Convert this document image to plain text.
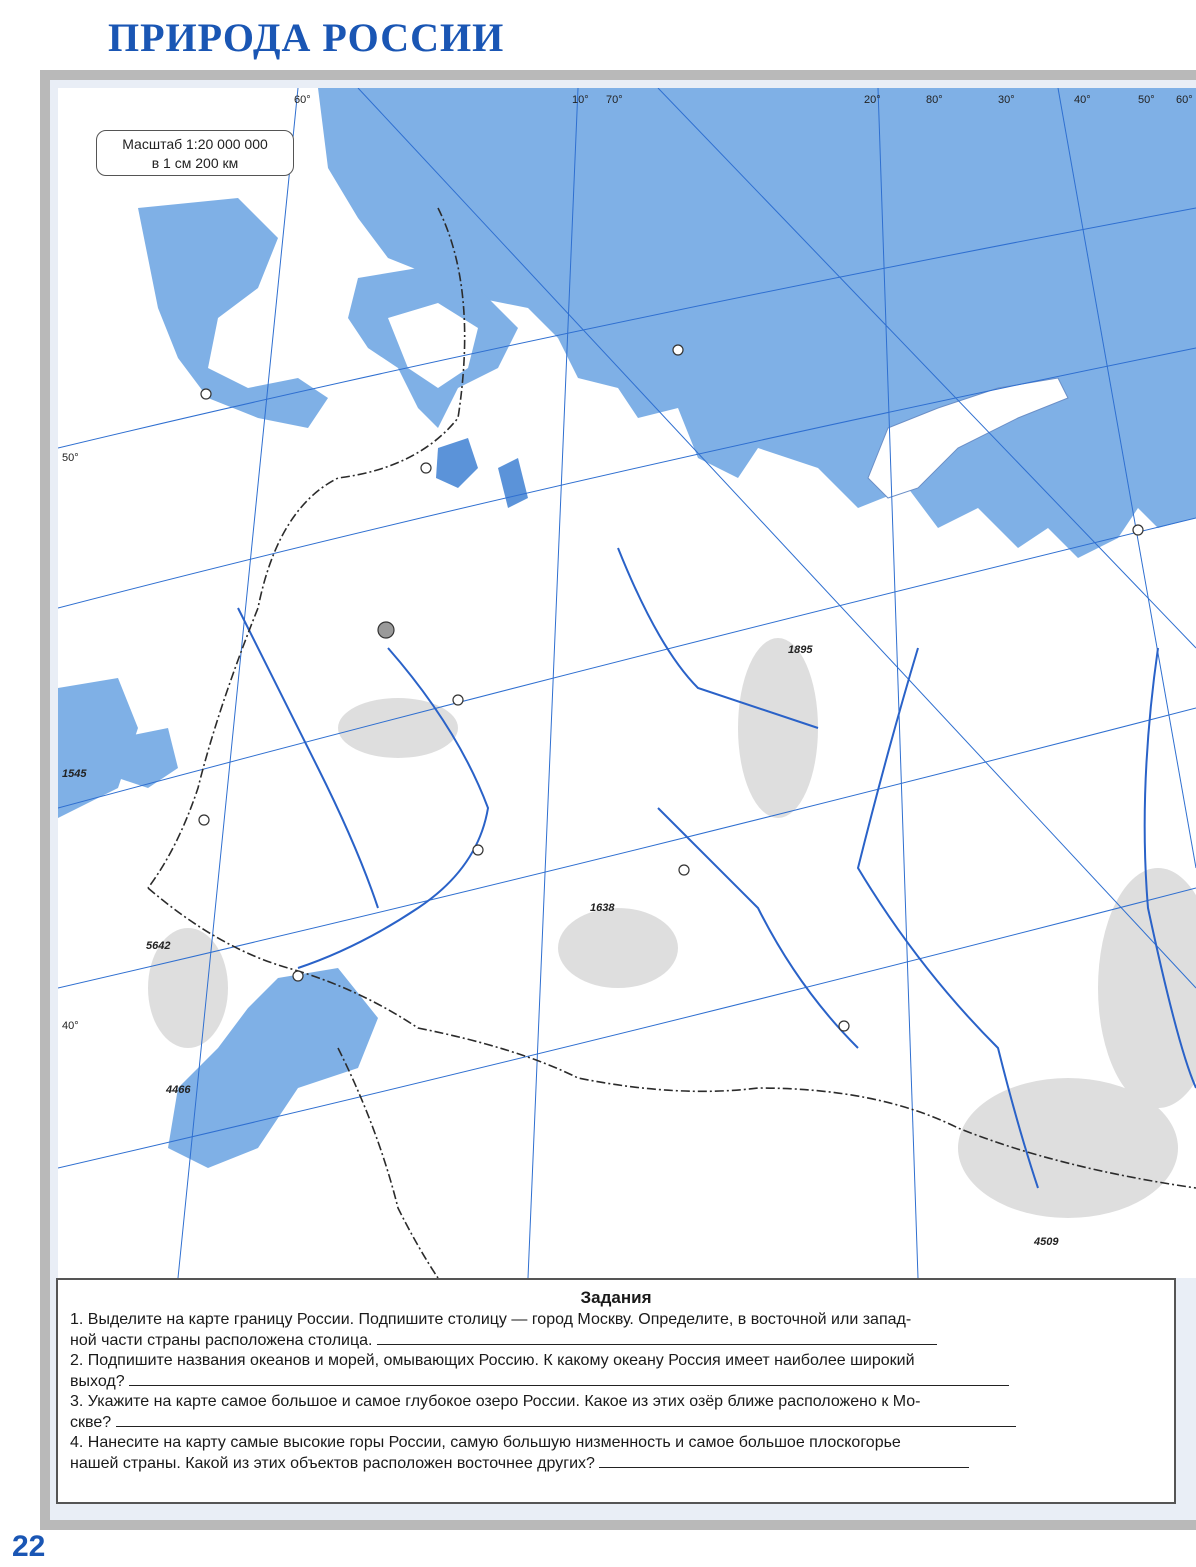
ПРИРОДА РОССИИ
60°	10° 70°	20°	80°	30°	40°	50° 60°
50°
40°
1545
1895
5642
1638
4466
4509
Масштаб 1:20 000 000
в 1 см 200 км
Задания

1. Выделите на карте границу России. Подпишите столицу — город Москву. Определите, в восточной или запад-

ной части страны расположена столица.

2. Подпишите названия океанов и морей, омывающих Россию. К какому океану Россия имеет наиболее широкий

выход?

3. Укажите на карте самое большое и самое глубокое озеро России. Какое из этих озёр ближе расположено к Мо-

скве?

4. Нанесите на карту самые высокие горы России, самую большую низменность и самое большое плоскогорье

нашей страны. Какой из этих объектов расположен восточнее других?

22
